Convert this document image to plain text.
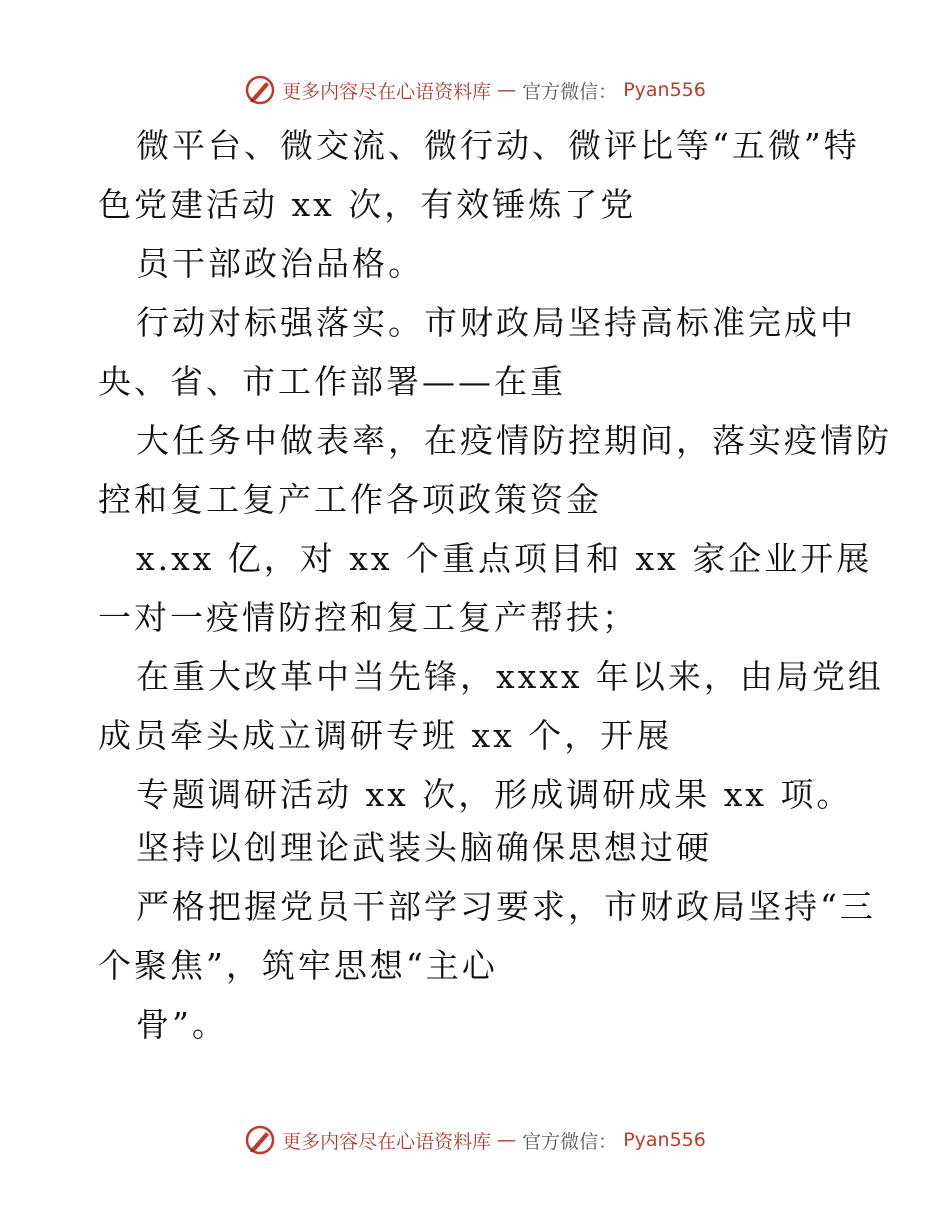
更多内容尽在心语资料库 — 官方微信： Pyan556
微平台、微交流、微行动、微评比等“五微”特
色党建活动 xx 次，有效锤炼了党
员干部政治品格。
行动对标强落实。市财政局坚持高标准完成中
央、省、市工作部署——在重
大任务中做表率，在疫情防控期间，落实疫情防
控和复工复产工作各项政策资金
x.xx 亿，对 xx 个重点项目和 xx 家企业开展
一对一疫情防控和复工复产帮扶；
在重大改革中当先锋，xxxx 年以来，由局党组
成员牵头成立调研专班 xx 个，开展
专题调研活动 xx 次，形成调研成果 xx 项。
坚持以创理论武装头脑确保思想过硬
严格把握党员干部学习要求，市财政局坚持“三
个聚焦”，筑牢思想“主心
骨”。
更多内容尽在心语资料库 — 官方微信： Pyan556
